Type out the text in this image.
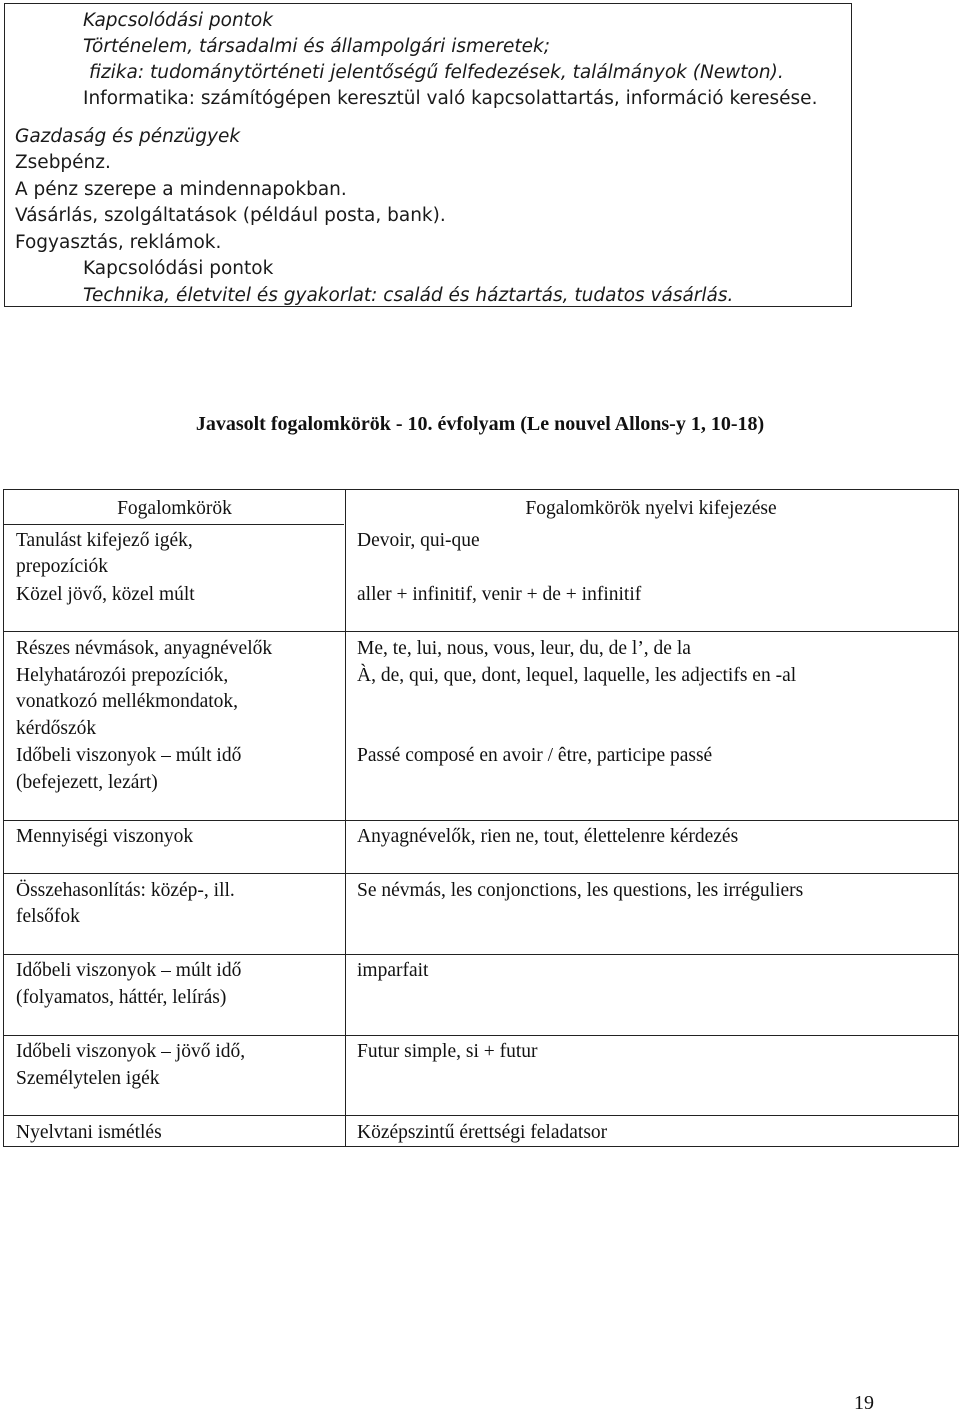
Kapcsolódási pontok
Történelem, társadalmi és állampolgári ismeretek;
fizika: tudománytörténeti jelentőségű felfedezések, találmányok (Newton).
Informatika: számítógépen keresztül való kapcsolattartás, információ keresése.
Gazdaság és pénzügyek
Zsebpénz.
A pénz szerepe a mindennapokban.
Vásárlás, szolgáltatások (például posta, bank).
Fogyasztás, reklámok.
Kapcsolódási pontok
Technika, életvitel és gyakorlat: család és háztartás, tudatos vásárlás.
Javasolt fogalomkörök - 10. évfolyam (Le nouvel Allons-y 1, 10-18)
Fogalomkörök	Fogalomkörök nyelvi kifejezése
Tanulást kifejező igék,
prepozíciók
Közel jövő, közel múlt
Részes névmások, anyagnévelők
Helyhatározói prepozíciók,
vonatkozó mellékmondatok,
kérdőszók
Időbeli viszonyok – múlt idő
(befejezett, lezárt)
Mennyiségi viszonyok
Összehasonlítás: közép-, ill.
felsőfok
Időbeli viszonyok – múlt idő
(folyamatos, háttér, lelírás)
Időbeli viszonyok – jövő idő,
Személytelen igék
Nyelvtani ismétlés
Devoir, qui-que
aller + infinitif, venir + de + infinitif
Me, te, lui, nous, vous, leur, du, de l’, de la
À, de, qui, que, dont, lequel, laquelle, les adjectifs en -al
Passé composé en avoir / être, participe passé
Anyagnévelők, rien ne, tout, élettelenre kérdezés
Se névmás, les conjonctions, les questions, les irréguliers
imparfait
Futur simple, si + futur
Középszintű érettségi feladatsor
19
